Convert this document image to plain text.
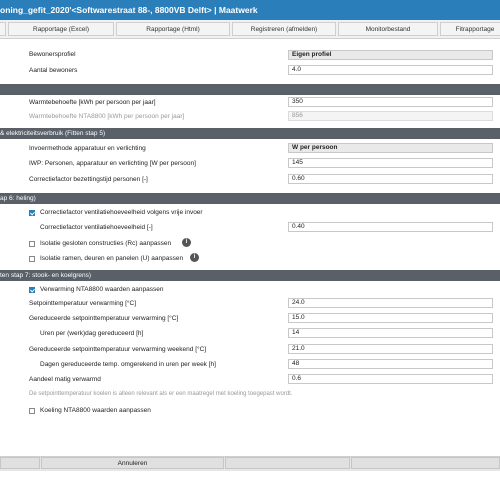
oning_gefit_2020'<Softwarestraat 88-, 8800VB Delft> | Maatwerk
Rapportage (Excel)	Rapportage (Html)	Registreren (afmelden)	Monitorbestand	Fitrapportage
Bewonersprofiel	Eigen profiel
Aantal bewoners	4.0
Warmtebehoefte [kWh per persoon per jaar]	350
Warmtebehoefte NTA8800 [kWh per persoon per jaar]	856
& elektriciteitsverbruik (Fitten stap 5)
Invoermethode apparatuur en verlichting	W per persoon
IWP: Personen, apparatuur en verlichting [W per persoon]	145
Correctiefactor bezettingstijd personen [-]	0.60
ap 6: heling)
Correctiefactor ventilatiehoeveelheid volgens vrije invoer
Correctiefactor ventilatiehoeveelheid [-]	0.40
Isolatie gesloten constructies (Rc) aanpassen	i
Isolatie ramen, deuren en panelen (U) aanpassen	i
ten stap 7: stook- en koelgrens)
Verwarming NTA8800 waarden aanpassen
Setpointtemperatuur verwarming [°C]	24.0
Gereduceerde setpointtemperatuur verwarming [°C]	15.0
Uren per (werk)dag gereduceerd [h]	14
Gereduceerde setpointtemperatuur verwarming weekend [°C]	21.0
Dagen gereduceerde temp. omgerekend in uren per week [h]	48
Aandeel matig verwarmd	0.6
De setpointtemperatuur koelen is alleen relevant als er een maatregel met koeling toegepast wordt.
Koeling NTA8800 waarden aanpassen
Annuleren
